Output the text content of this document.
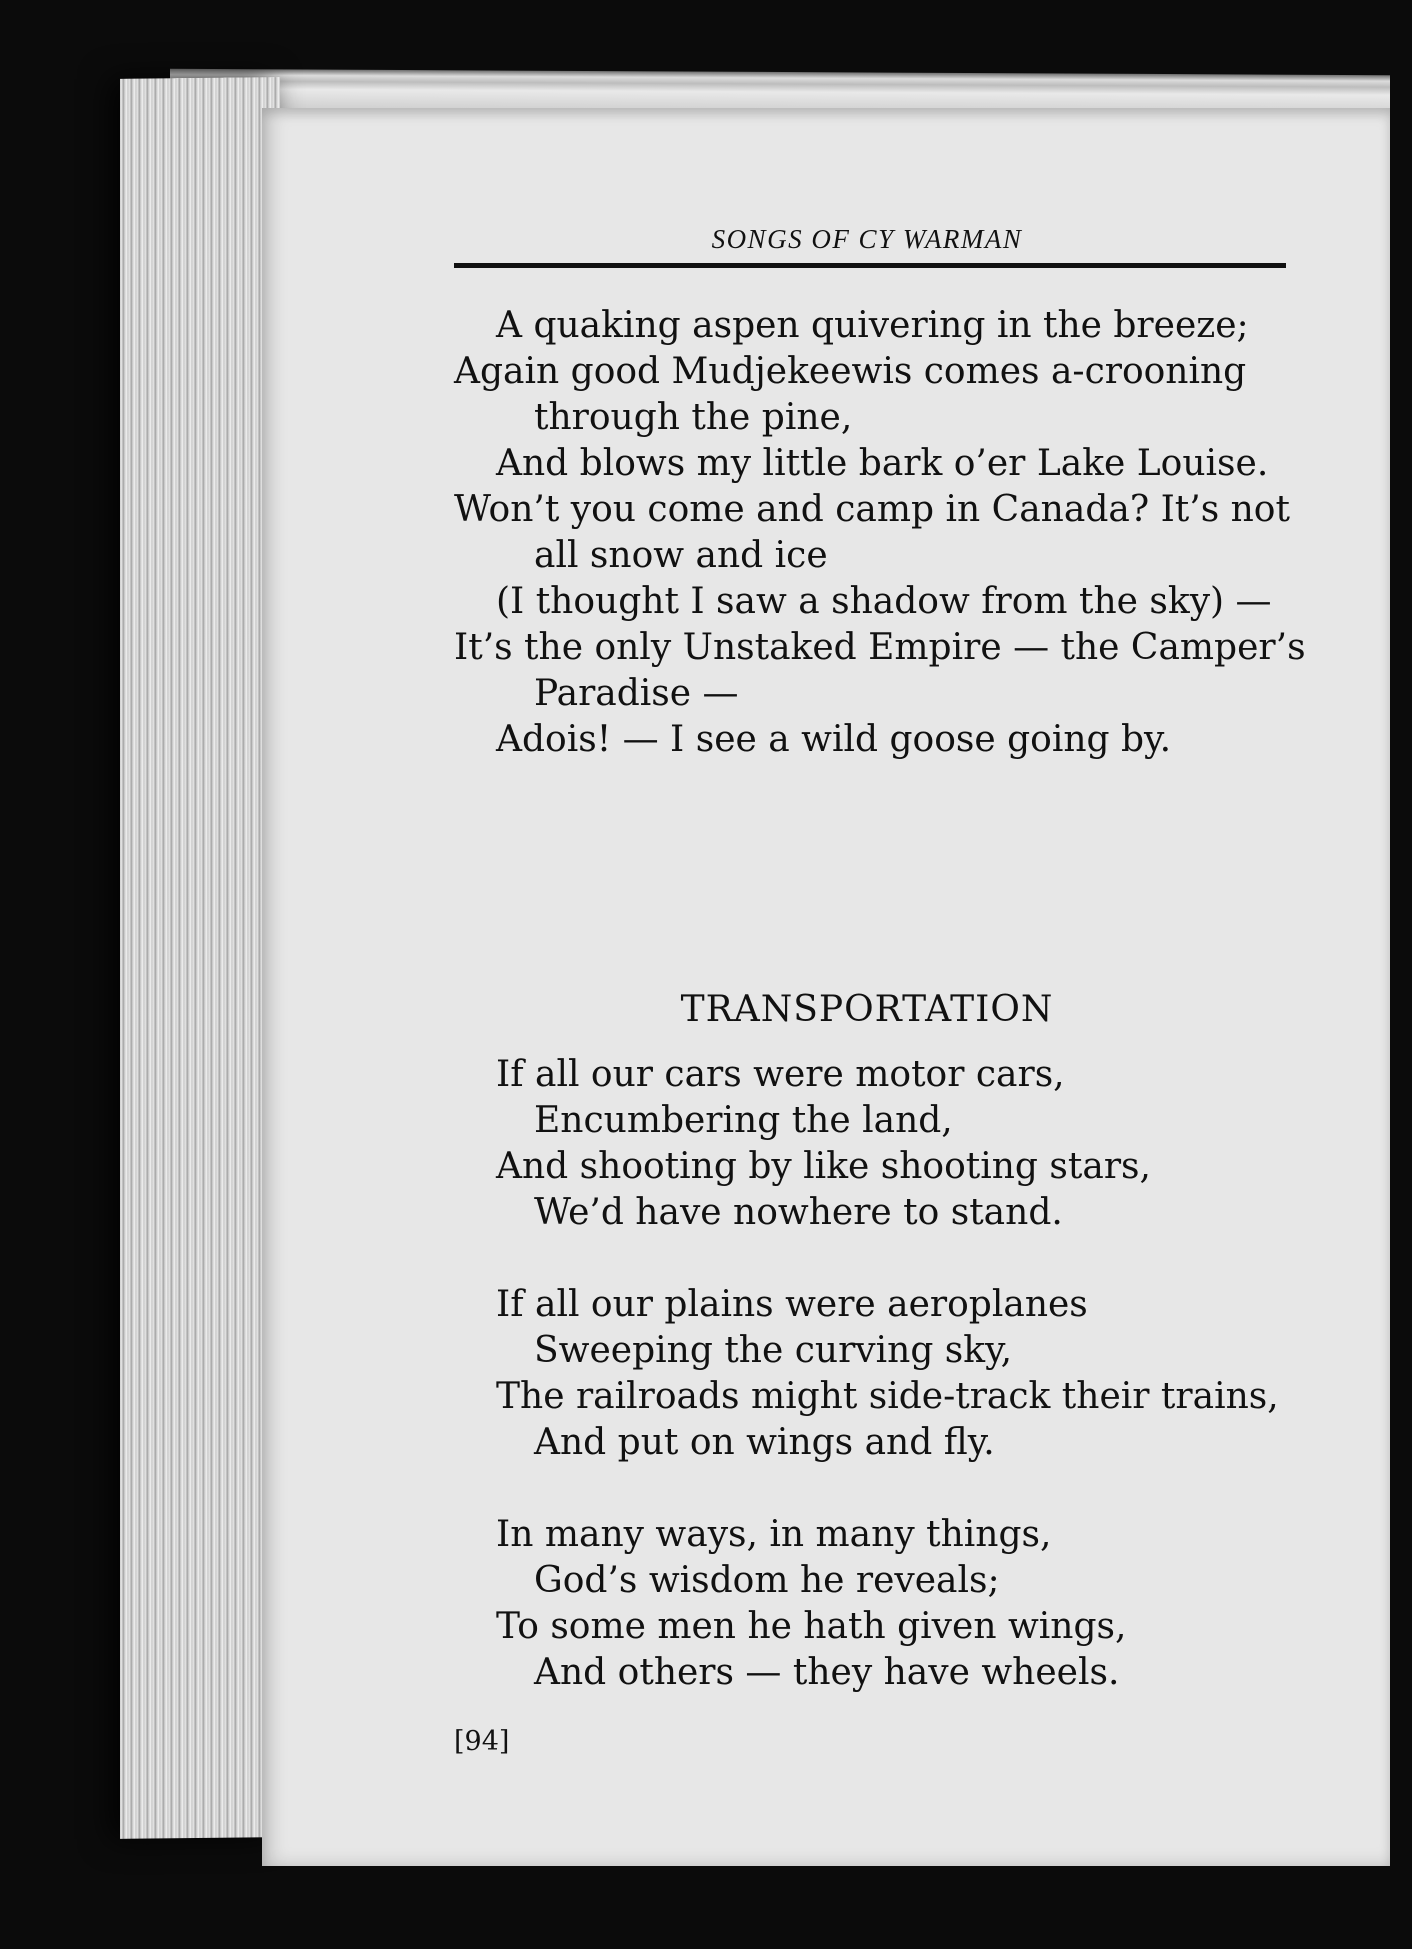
SONGS OF CY WARMAN
A quaking aspen quivering in the breeze;
Again good Mudjekeewis comes a-crooning
through the pine,
And blows my little bark o’er Lake Louise.
Won’t you come and camp in Canada? It’s not
all snow and ice
(I thought I saw a shadow from the sky) —
It’s the only Unstaked Empire — the Camper’s
Paradise —
Adois! — I see a wild goose going by.
TRANSPORTATION
If all our cars were motor cars,
Encumbering the land,
And shooting by like shooting stars,
We’d have nowhere to stand.
If all our plains were aeroplanes
Sweeping the curving sky,
The railroads might side-track their trains,
And put on wings and fly.
In many ways, in many things,
God’s wisdom he reveals;
To some men he hath given wings,
And others — they have wheels.
[94]
